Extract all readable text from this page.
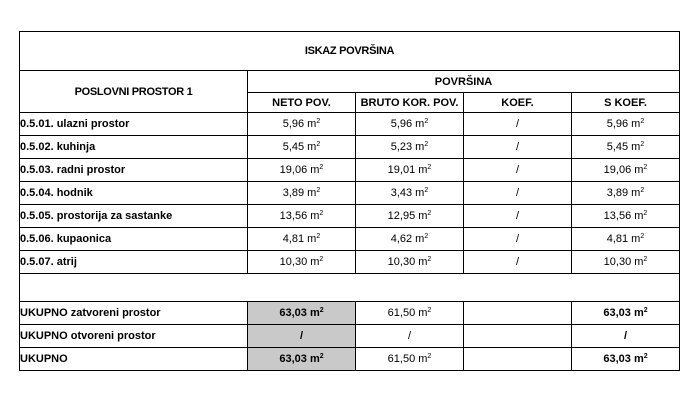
ISKAZ POVRŠINA				
POSLOVNI PROSTOR 1	POVRŠINA			
	NETO POV.	BRUTO KOR. POV.	KOEF.	S KOEF.
0.5.01. ulazni prostor	5,96 $m^2$	5,96 $m^2$	/	5,96 $m^2$
0.5.02. kuhinja	5,45 $m^2$	5,23 $m^2$	/	5,45 $m^2$
0.5.03. radni prostor	19,06 $m^2$	19,01 $m^2$	/	19,06 $m^2$
0.5.04. hodnik	3,89 $m^2$	3,43 $m^2$	/	3,89 $m^2$
0.5.05. prostorija za sastanke	13,56 $m^2$	12,95 $m^2$	/	13,56 $m^2$
0.5.06. kupaonica	4,81 $m^2$	4,62 $m^2$	/	4,81 $m^2$
0.5.07. atrij	10,30 $m^2$	10,30 $m^2$	/	10,30 $m^2$

UKUPNO zatvoreni prostor	63,03 $m^2$	61,50 $m^2$		63,03 $m^2$
UKUPNO otvoreni prostor	/	/		/
UKUPNO	63,03 $m^2$	61,50 $m^2$		63,03 $m^2$
